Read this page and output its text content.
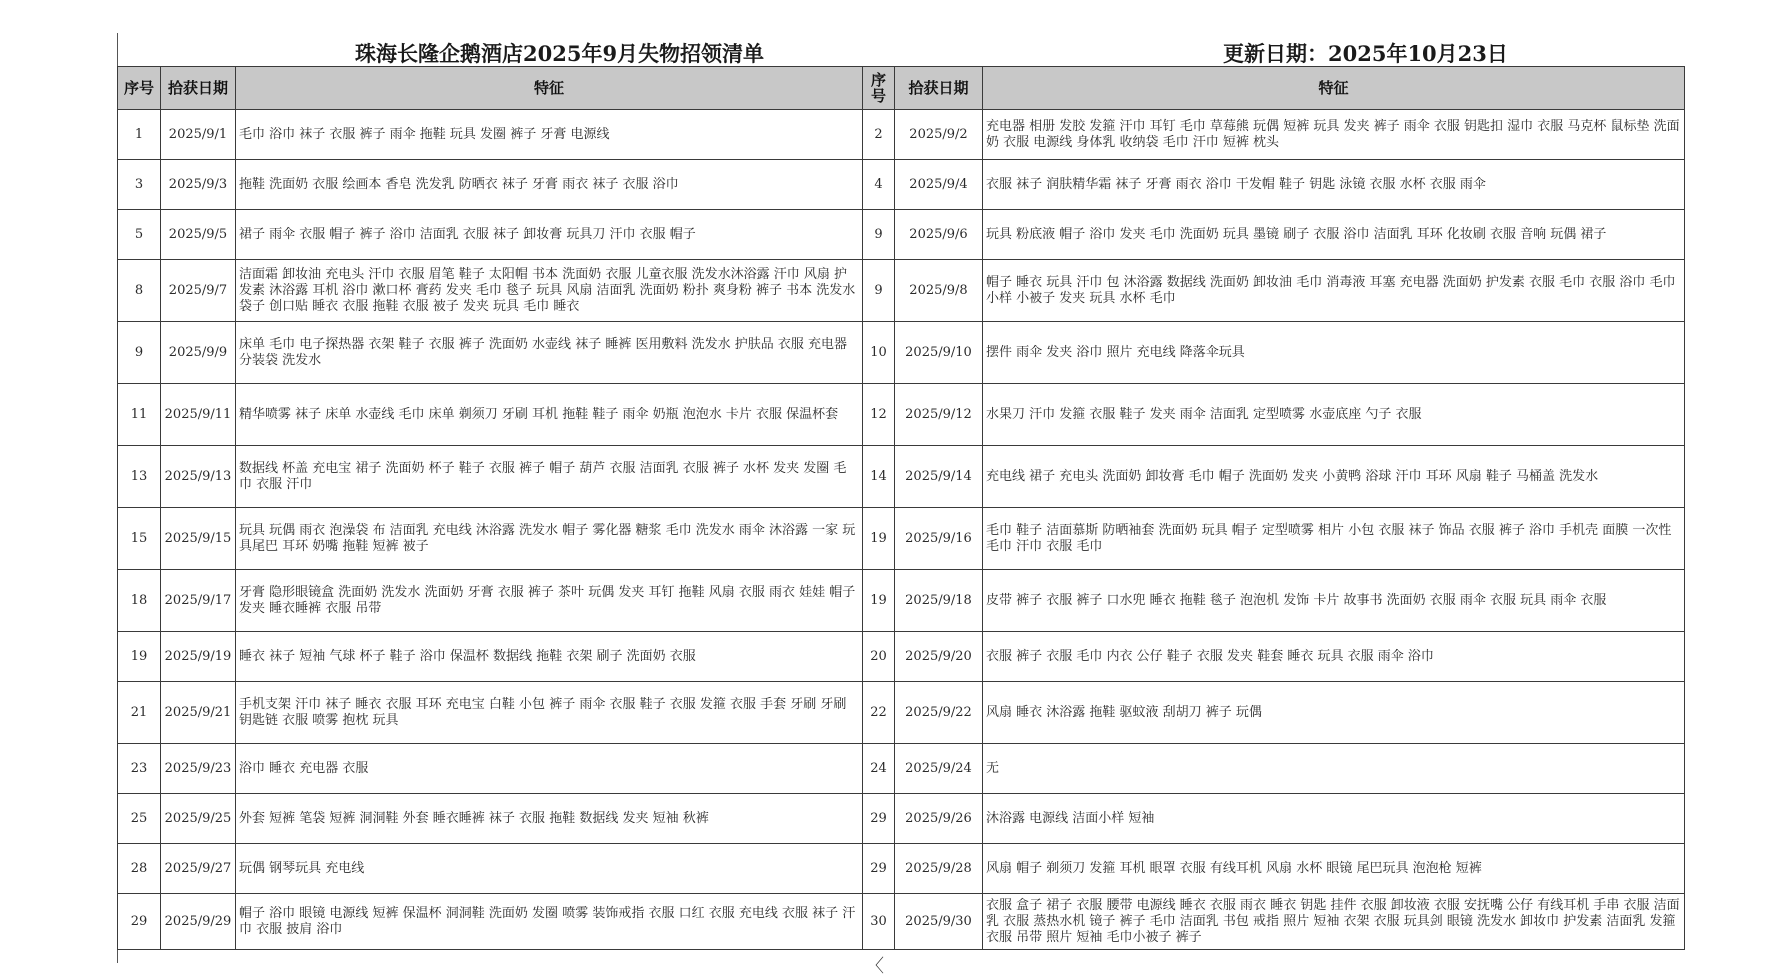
珠海长隆企鹅酒店2025年9月失物招领清单	更新日期：2025年10月23日
序号	拾获日期	特征	序号	拾获日期	特征
1	2025/9/1	毛巾 浴巾 袜子 衣服 裤子 雨伞 拖鞋 玩具 发圈 裤子 牙膏 电源线	2	2025/9/2	充电器 相册 发胶 发箍 汗巾 耳钉 毛巾 草莓熊 玩偶 短裤 玩具 发夹 裤子 雨伞 衣服 钥匙扣 湿巾 衣服 马克杯 鼠标垫 洗面奶 衣服 电源线 身体乳 收纳袋 毛巾 汗巾 短裤 枕头
3	2025/9/3	拖鞋 洗面奶 衣服 绘画本 香皂 洗发乳 防晒衣 袜子 牙膏 雨衣 袜子 衣服 浴巾	4	2025/9/4	衣服 袜子 润肤精华霜 袜子 牙膏 雨衣 浴巾 干发帽 鞋子 钥匙 泳镜 衣服 水杯 衣服 雨伞
5	2025/9/5	裙子 雨伞 衣服 帽子 裤子 浴巾 洁面乳 衣服 袜子 卸妆膏 玩具刀 汗巾 衣服 帽子	9	2025/9/6	玩具 粉底液 帽子 浴巾 发夹 毛巾 洗面奶 玩具 墨镜 刷子 衣服 浴巾 洁面乳 耳环 化妆刷 衣服 音响 玩偶 裙子
8	2025/9/7	洁面霜 卸妆油 充电头 汗巾 衣服 眉笔 鞋子 太阳帽 书本 洗面奶 衣服 儿童衣服 洗发水沐浴露 汗巾 风扇 护发素 沐浴露 耳机 浴巾 漱口杯 膏药 发夹 毛巾 毯子 玩具 风扇 洁面乳 洗面奶 粉扑 爽身粉 裤子 书本 洗发水 袋子 创口贴 睡衣 衣服 拖鞋 衣服 被子 发夹 玩具 毛巾 睡衣	9	2025/9/8	帽子 睡衣 玩具 汗巾 包 沐浴露 数据线 洗面奶 卸妆油 毛巾 消毒液 耳塞 充电器 洗面奶 护发素 衣服 毛巾 衣服 浴巾 毛巾 小样 小被子 发夹 玩具 水杯 毛巾
9	2025/9/9	床单 毛巾 电子探热器 衣架 鞋子 衣服 裤子 洗面奶 水壶线 袜子 睡裤 医用敷料 洗发水 护肤品 衣服 充电器 分装袋 洗发水	10	2025/9/10	摆件 雨伞 发夹 浴巾 照片 充电线 降落伞玩具
11	2025/9/11	精华喷雾 袜子 床单 水壶线 毛巾 床单 剃须刀 牙刷 耳机 拖鞋 鞋子 雨伞 奶瓶 泡泡水 卡片 衣服 保温杯套	12	2025/9/12	水果刀 汗巾 发箍 衣服 鞋子 发夹 雨伞 洁面乳 定型喷雾 水壶底座 勺子 衣服
13	2025/9/13	数据线 杯盖 充电宝 裙子 洗面奶 杯子 鞋子 衣服 裤子 帽子 葫芦 衣服 洁面乳 衣服 裤子 水杯 发夹 发圈 毛巾 衣服 汗巾	14	2025/9/14	充电线 裙子 充电头 洗面奶 卸妆膏 毛巾 帽子 洗面奶 发夹 小黄鸭 浴球 汗巾 耳环 风扇 鞋子 马桶盖 洗发水
15	2025/9/15	玩具 玩偶 雨衣 泡澡袋 布 洁面乳 充电线 沐浴露 洗发水 帽子 雾化器 糖浆 毛巾 洗发水 雨伞 沐浴露 一家 玩具尾巴 耳环 奶嘴 拖鞋 短裤 被子	19	2025/9/16	毛巾 鞋子 洁面慕斯 防晒袖套 洗面奶 玩具 帽子 定型喷雾 相片 小包 衣服 袜子 饰品 衣服 裤子 浴巾 手机壳 面膜 一次性毛巾 汗巾 衣服 毛巾
18	2025/9/17	牙膏 隐形眼镜盒 洗面奶 洗发水 洗面奶 牙膏 衣服 裤子 茶叶 玩偶 发夹 耳钉 拖鞋 风扇 衣服 雨衣 娃娃 帽子 发夹 睡衣睡裤 衣服 吊带	19	2025/9/18	皮带 裤子 衣服 裤子 口水兜 睡衣 拖鞋 毯子 泡泡机 发饰 卡片 故事书 洗面奶 衣服 雨伞 衣服 玩具 雨伞 衣服
19	2025/9/19	睡衣 袜子 短袖 气球 杯子 鞋子 浴巾 保温杯 数据线 拖鞋 衣架 刷子 洗面奶 衣服	20	2025/9/20	衣服 裤子 衣服 毛巾 内衣 公仔 鞋子 衣服 发夹 鞋套 睡衣 玩具 衣服 雨伞 浴巾
21	2025/9/21	手机支架 汗巾 袜子 睡衣 衣服 耳环 充电宝 白鞋 小包 裤子 雨伞 衣服 鞋子 衣服 发箍 衣服 手套 牙刷 牙刷 钥匙链 衣服 喷雾 抱枕 玩具	22	2025/9/22	风扇 睡衣 沐浴露 拖鞋 驱蚊液 刮胡刀 裤子 玩偶
23	2025/9/23	浴巾 睡衣 充电器 衣服	24	2025/9/24	无
25	2025/9/25	外套 短裤 笔袋 短裤 洞洞鞋 外套 睡衣睡裤 袜子 衣服 拖鞋 数据线 发夹 短袖 秋裤	29	2025/9/26	沐浴露 电源线 洁面小样 短袖
28	2025/9/27	玩偶 钢琴玩具 充电线	29	2025/9/28	风扇 帽子 剃须刀 发箍 耳机 眼罩 衣服 有线耳机 风扇 水杯 眼镜 尾巴玩具 泡泡枪 短裤
29	2025/9/29	帽子 浴巾 眼镜 电源线 短裤 保温杯 洞洞鞋 洗面奶 发圈 喷雾 装饰戒指 衣服 口红 衣服 充电线 衣服 袜子 汗巾 衣服 披肩 浴巾	30	2025/9/30	衣服 盒子 裙子 衣服 腰带 电源线 睡衣 衣服 雨衣 睡衣 钥匙 挂件 衣服 卸妆液 衣服 安抚嘴 公仔 有线耳机 手串 衣服 洁面乳 衣服 蒸热水机 镜子 裤子 毛巾 洁面乳 书包 戒指 照片 短袖 衣架 衣服 玩具剑 眼镜 洗发水 卸妆巾 护发素 洁面乳 发箍 衣服 吊带 照片 短袖 毛巾小被子 裤子
〈
